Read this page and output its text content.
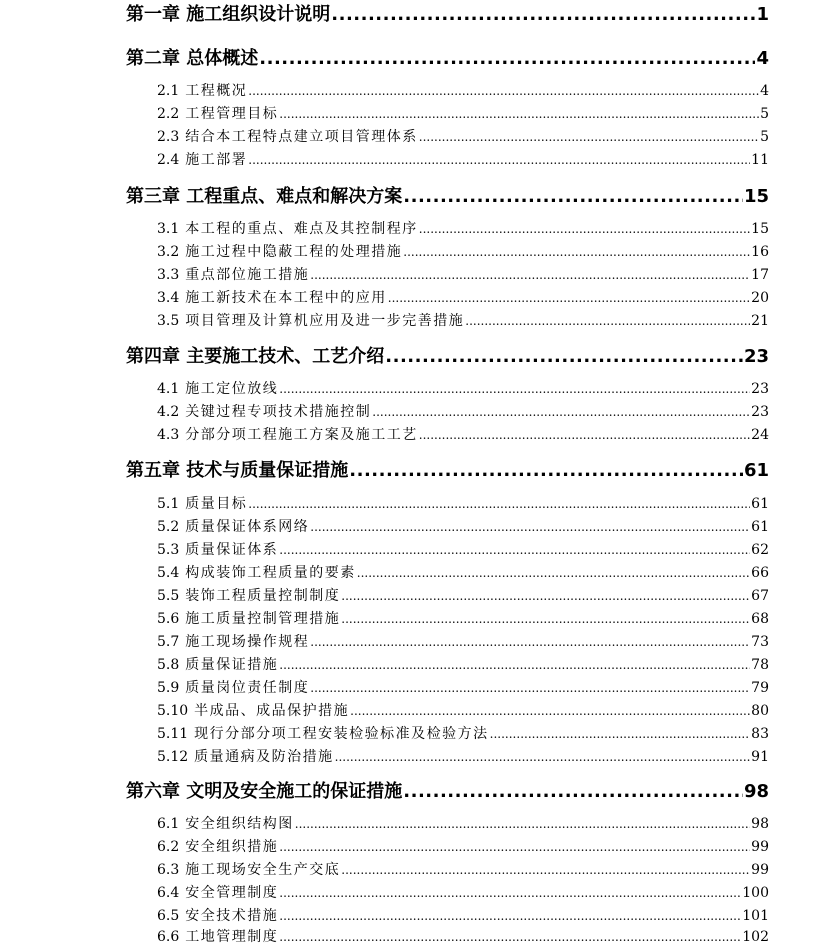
第一章 施工组织设计说明 .....	1
第二章 总体概述 .....	4
2.1 工程概况 .....	4
2.2 工程管理目标 .....	5
2.3 结合本工程特点建立项目管理体系 .....	5
2.4 施工部署 .....	11
第三章 工程重点、难点和解决方案 .....	15
3.1 本工程的重点、难点及其控制程序 .....	15
3.2 施工过程中隐蔽工程的处理措施 .....	16
3.3 重点部位施工措施 .....	17
3.4 施工新技术在本工程中的应用 .....	20
3.5 项目管理及计算机应用及进一步完善措施 .....	21
第四章 主要施工技术、工艺介绍 .....	23
4.1 施工定位放线 .....	23
4.2 关键过程专项技术措施控制 .....	23
4.3 分部分项工程施工方案及施工工艺 .....	24
第五章 技术与质量保证措施 .....	61
5.1 质量目标 .....	61
5.2 质量保证体系网络 .....	61
5.3 质量保证体系 .....	62
5.4 构成装饰工程质量的要素 .....	66
5.5 装饰工程质量控制制度 .....	67
5.6 施工质量控制管理措施 .....	68
5.7 施工现场操作规程 .....	73
5.8 质量保证措施 .....	78
5.9 质量岗位责任制度 .....	79
5.10 半成品、成品保护措施 .....	80
5.11 现行分部分项工程安装检验标准及检验方法 .....	83
5.12 质量通病及防治措施 .....	91
第六章 文明及安全施工的保证措施 .....	98
6.1 安全组织结构图 .....	98
6.2 安全组织措施 .....	99
6.3 施工现场安全生产交底 .....	99
6.4 安全管理制度 .....	100
6.5 安全技术措施 .....	101
6.6 工地管理制度 .....	102
